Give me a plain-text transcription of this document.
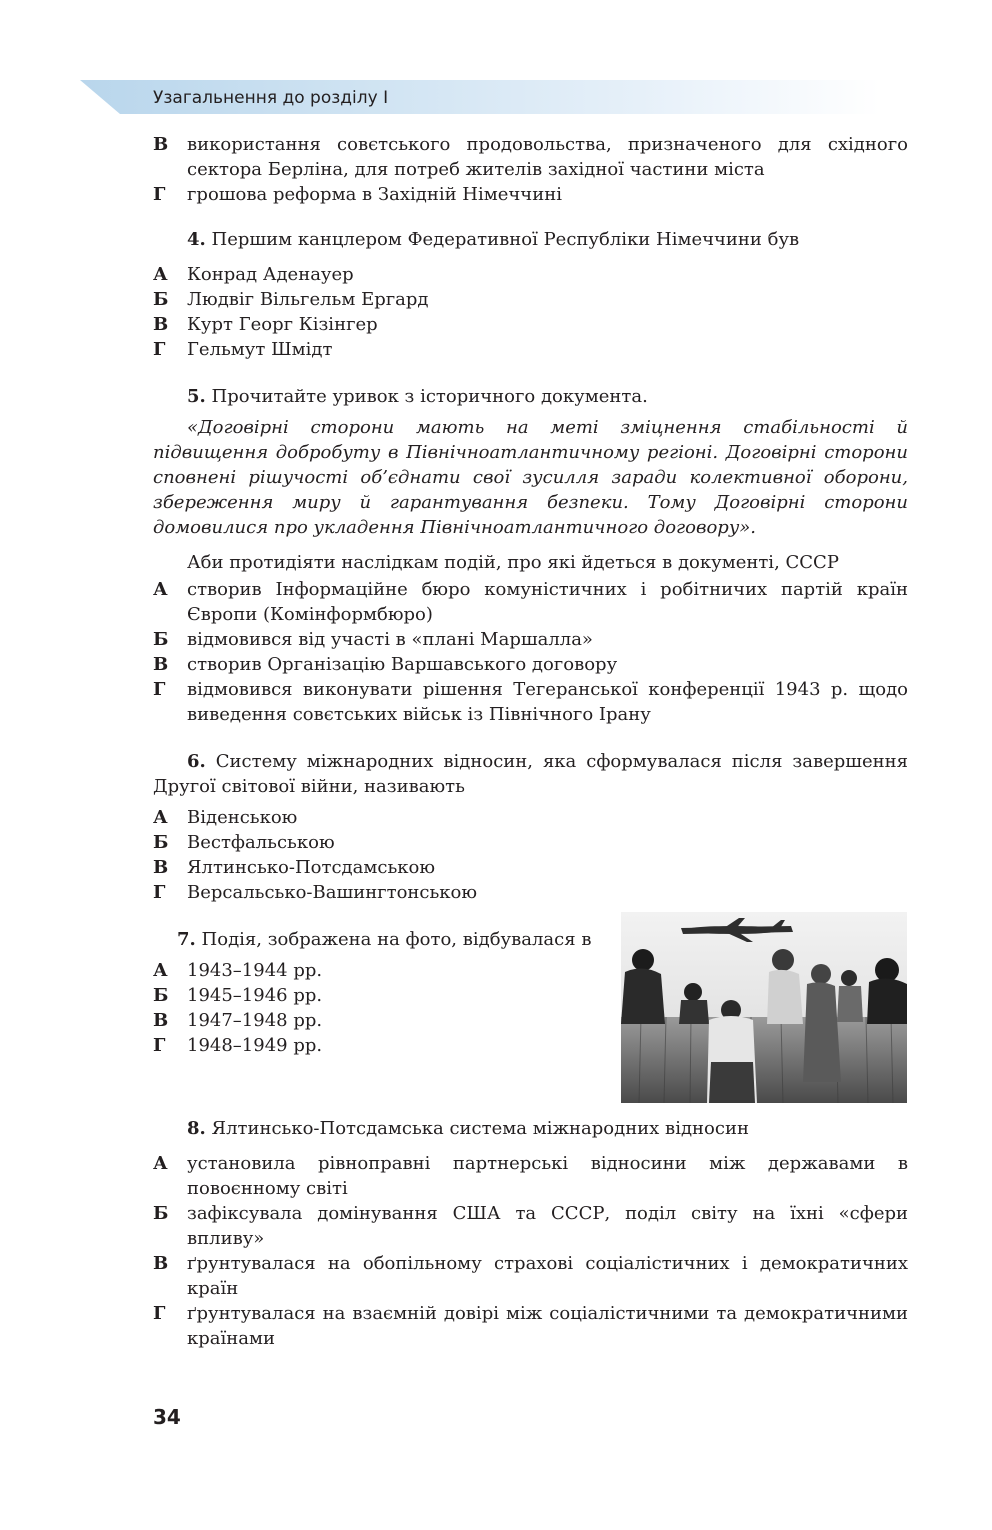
Узагальнення до розділу І
В	використання совєтського продовольства, призначеного для східного сектора Берліна, для потреб жителів західної частини міста
Г	грошова реформа в Західній Німеччині
4. Першим канцлером Федеративної Республіки Німеччини був
А	Конрад Аденауер
Б	Людвіг Вільгельм Ергард
В	Курт Георг Кізінгер
Г	Гельмут Шмідт
5. Прочитайте уривок з історичного документа.

«Договірні сторони мають на меті зміцнення стабільності й підвищення добробуту в Північноатлантичному регіоні. Договірні сторони сповнені рішучості об’єднати свої зусилля заради колективної оборони, збереження миру й гарантування безпеки. Тому Договірні сторони домовилися про укладення Північноатлантичного договору».

Аби протидіяти наслідкам подій, про які йдеться в документі, СССР
А	створив Інформаційне бюро комуністичних і робітничих партій країн Європи (Комінформбюро)
Б	відмовився від участі в «плані Маршалла»
В	створив Організацію Варшавського договору
Г	відмовився виконувати рішення Тегеранської конференції 1943 р. щодо виведення совєтських військ із Північного Ірану
6. Систему міжнародних відносин, яка сформувалася після завершення Другої світової війни, називають
А	Віденською
Б	Вестфальською
В	Ялтинсько-Потсдамською
Г	Версальсько-Вашингтонською
7. Подія, зображена на фото, відбувалася в
А	1943–1944 рр.
Б	1945–1946 рр.
В	1947–1948 рр.
Г	1948–1949 рр.
8. Ялтинсько-Потсдамська система міжнародних відносин
А	установила рівноправні партнерські відносини між державами в повоєнному світі
Б	зафіксувала домінування США та СССР, поділ світу на їхні «сфери впливу»
В	ґрунтувалася на обопільному страхові соціалістичних і демократичних країн
Г	ґрунтувалася на взаємній довірі між соціалістичними та демократичними країнами
34
